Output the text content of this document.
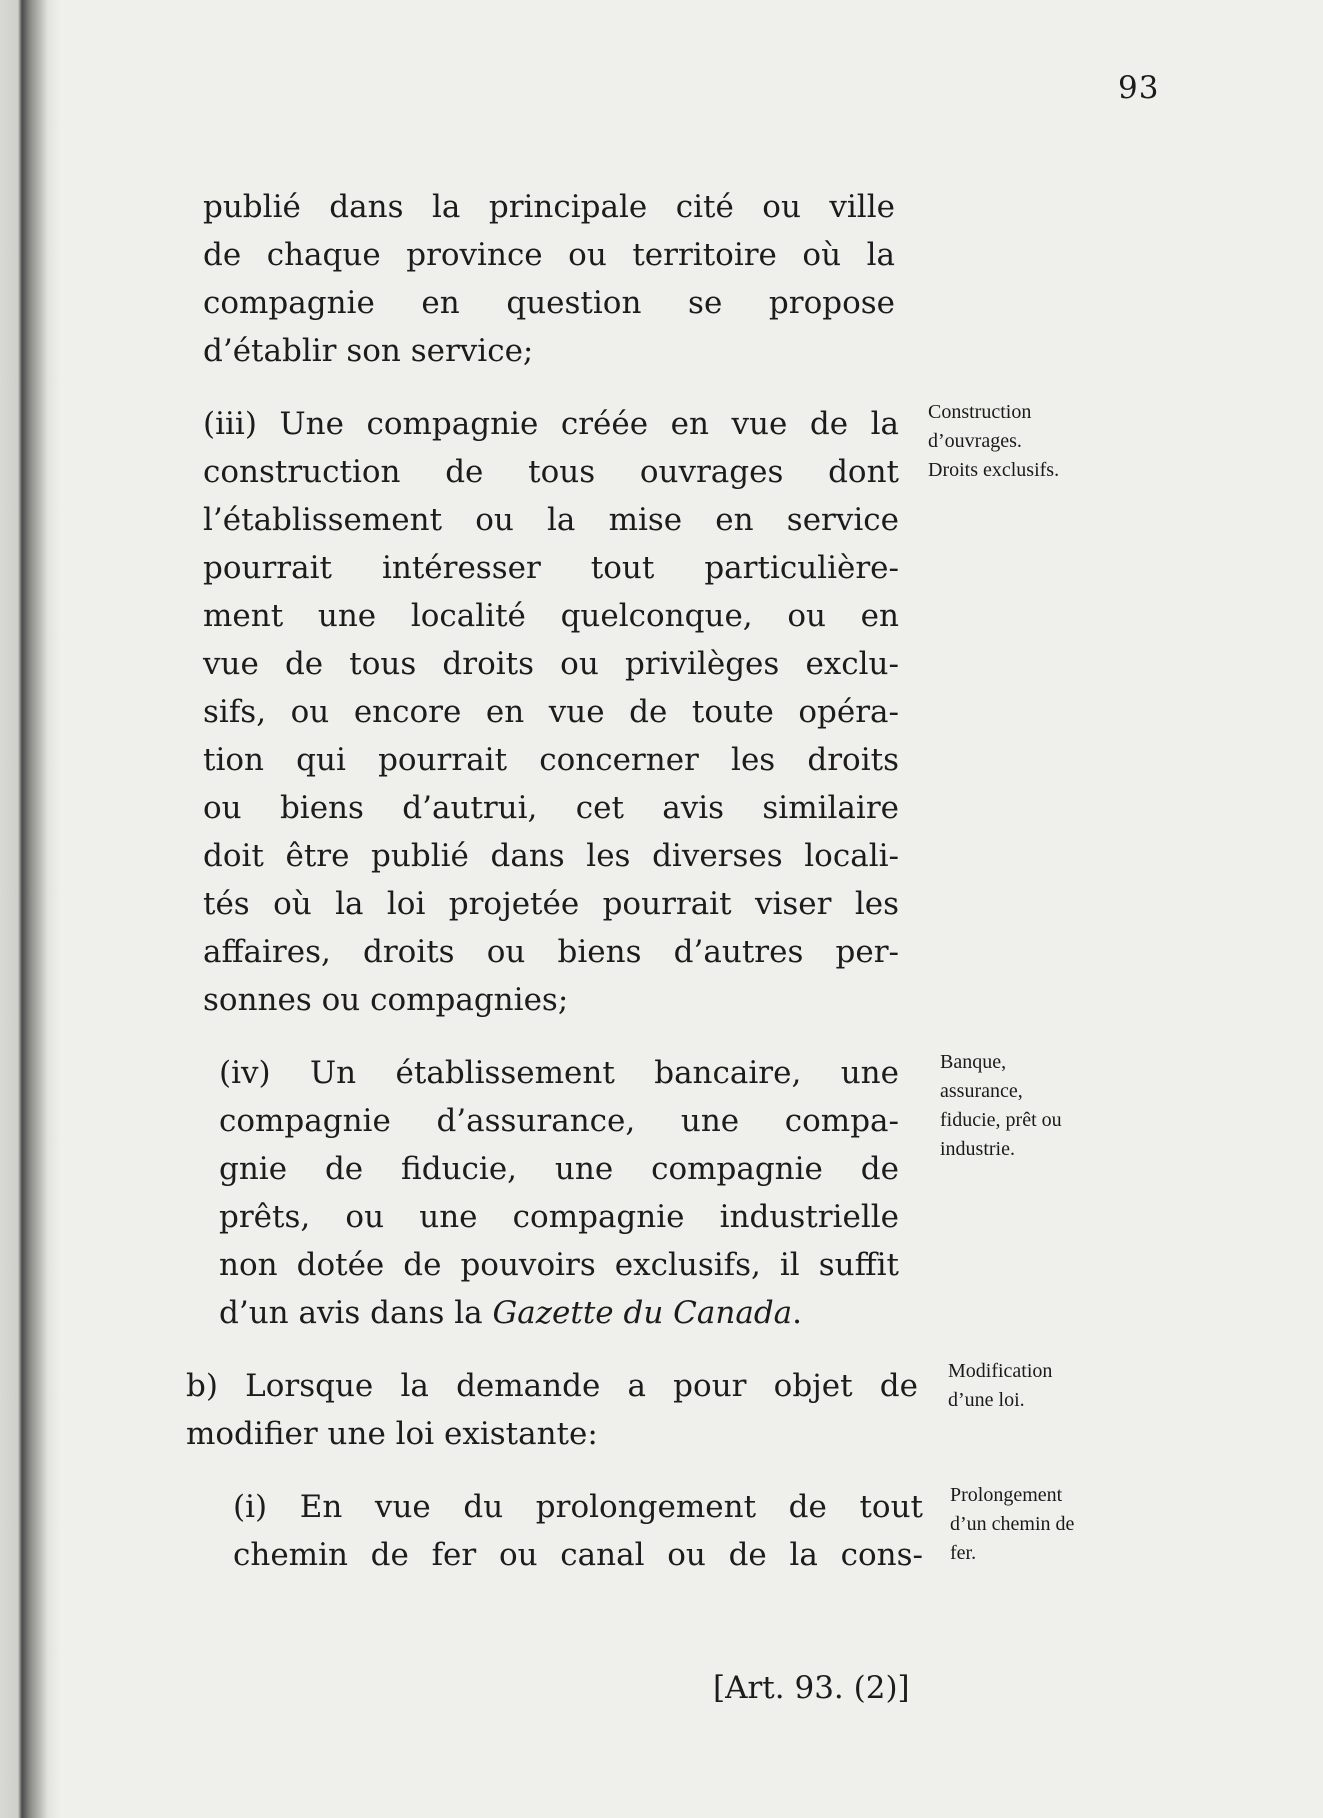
93
publié dans la principale cité ou ville
de chaque province ou territoire où la
compagnie en question se propose
d’établir son service;
(iii) Une compagnie créée en vue de la
construction de tous ouvrages dont
l’établissement ou la mise en service
pourrait intéresser tout particulière-
ment une localité quelconque, ou en
vue de tous droits ou privilèges exclu-
sifs, ou encore en vue de toute opéra-
tion qui pourrait concerner les droits
ou biens d’autrui, cet avis similaire
doit être publié dans les diverses locali-
tés où la loi projetée pourrait viser les
affaires, droits ou biens d’autres per-
sonnes ou compagnies;
Construction
d’ouvrages.
Droits exclusifs.
(iv) Un établissement bancaire, une
compagnie d’assurance, une compa-
gnie de fiducie, une compagnie de
prêts, ou une compagnie industrielle
non dotée de pouvoirs exclusifs, il suffit
d’un avis dans la Gazette du Canada.
Banque,
assurance,
fiducie, prêt ou
industrie.
b) Lorsque la demande a pour objet de
modifier une loi existante:
Modification
d’une loi.
(i) En vue du prolongement de tout
chemin de fer ou canal ou de la cons-
Prolongement
d’un chemin de
fer.
[Art. 93. (2)]
